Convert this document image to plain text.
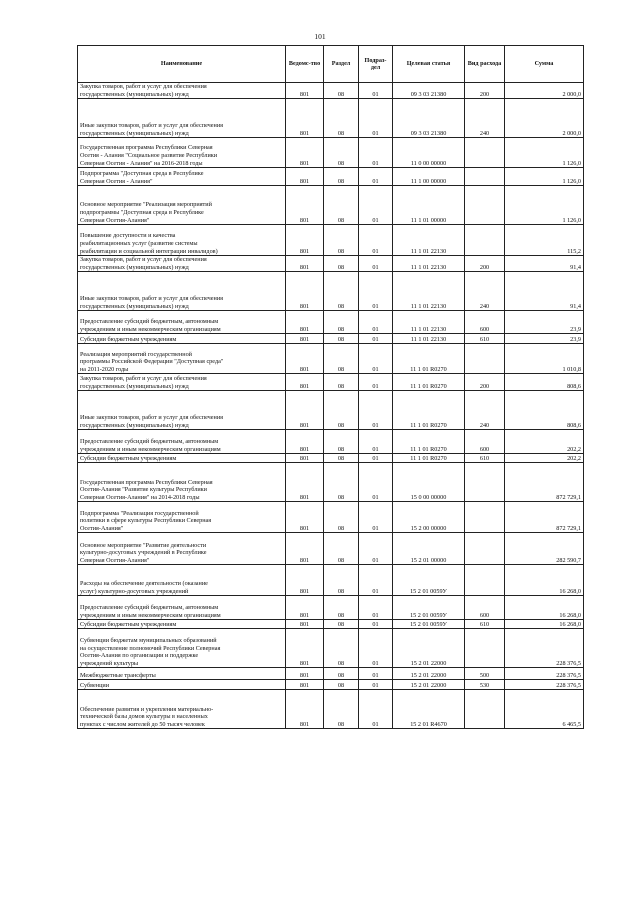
101
Наименование	Ведомс-тво	Раздел	Подраз-дел	Целевая статья	Вид расхода	Сумма
Закупка товаров, работ и услуг для обеспечения
государственных (муниципальных) нужд	801	08	01	09 3 03 21380	200	2 000,0
Иные закупки товаров, работ и услуг для обеспечения
государственных (муниципальных) нужд	801	08	01	09 3 03 21380	240	2 000,0
Государственная программа Республики Северная
Осетия - Алания "Социальное развитие Республики
Северная Осетия - Алания" на 2016-2018 годы	801	08	01	11 0 00 00000		1 126,0
Подпрограмма "Доступная среда в Республике
Северная Осетия - Алания"	801	08	01	11 1 00 00000		1 126,0
Основное мероприятие "Реализация мероприятий
подпрограммы "Доступная среда в Республике
Северная Осетия-Алания"	801	08	01	11 1 01 00000		1 126,0
Повышение доступности и качества
реабилитационных услуг (развитие системы
реабилитации и социальной интеграции инвалидов)	801	08	01	11 1 01 22130		115,2
Закупка товаров, работ и услуг для обеспечения
государственных (муниципальных) нужд	801	08	01	11 1 01 22130	200	91,4
Иные закупки товаров, работ и услуг для обеспечения
государственных (муниципальных) нужд	801	08	01	11 1 01 22130	240	91,4
Предоставление субсидий бюджетным, автономным
учреждениям и иным некоммерческим организациям	801	08	01	11 1 01 22130	600	23,9
Субсидии бюджетным учреждениям	801	08	01	11 1 01 22130	610	23,9
Реализация мероприятий государственной
программы Российской Федерации "Доступная среда"
на 2011-2020 годы	801	08	01	11 1 01 R0270		1 010,8
Закупка товаров, работ и услуг для обеспечения
государственных (муниципальных) нужд	801	08	01	11 1 01 R0270	200	808,6
Иные закупки товаров, работ и услуг для обеспечения
государственных (муниципальных) нужд	801	08	01	11 1 01 R0270	240	808,6
Предоставление субсидий бюджетным, автономным
учреждениям и иным некоммерческим организациям	801	08	01	11 1 01 R0270	600	202,2
Субсидии бюджетным учреждениям	801	08	01	11 1 01 R0270	610	202,2
Государственная программа Республики Северная
Осетия-Алания "Развитие культуры Республики
Северная Осетия-Алания" на 2014-2018 годы	801	08	01	15 0 00 00000		872 729,1
Подпрограмма "Реализация государственной
политики в сфере культуры Республики Северная
Осетия-Алания"	801	08	01	15 2 00 00000		872 729,1
Основное мероприятие "Развитие деятельности
культурно-досуговых учреждений в Республике
Северная Осетия-Алания"	801	08	01	15 2 01 00000		282 590,7
Расходы на обеспечение деятельности (оказание
услуг) культурно-досуговых учреждений	801	08	01	15 2 01 0059У		16 268,0
Предоставление субсидий бюджетным, автономным
учреждениям и иным некоммерческим организациям	801	08	01	15 2 01 0059У	600	16 268,0
Субсидии бюджетным учреждениям	801	08	01	15 2 01 0059У	610	16 268,0
Субвенции бюджетам муниципальных образований
на осуществление полномочий Республики Северная
Осетия-Алания по организации и поддержке
учреждений культуры	801	08	01	15 2 01 22000		228 376,5
Межбюджетные трансферты	801	08	01	15 2 01 22000	500	228 376,5
Субвенции	801	08	01	15 2 01 22000	530	228 376,5
Обеспечение развития и укрепления материально-
технической базы домов культуры в населенных
пунктах с числом жителей до 50 тысяч человек	801	08	01	15 2 01 R4670		6 465,5
